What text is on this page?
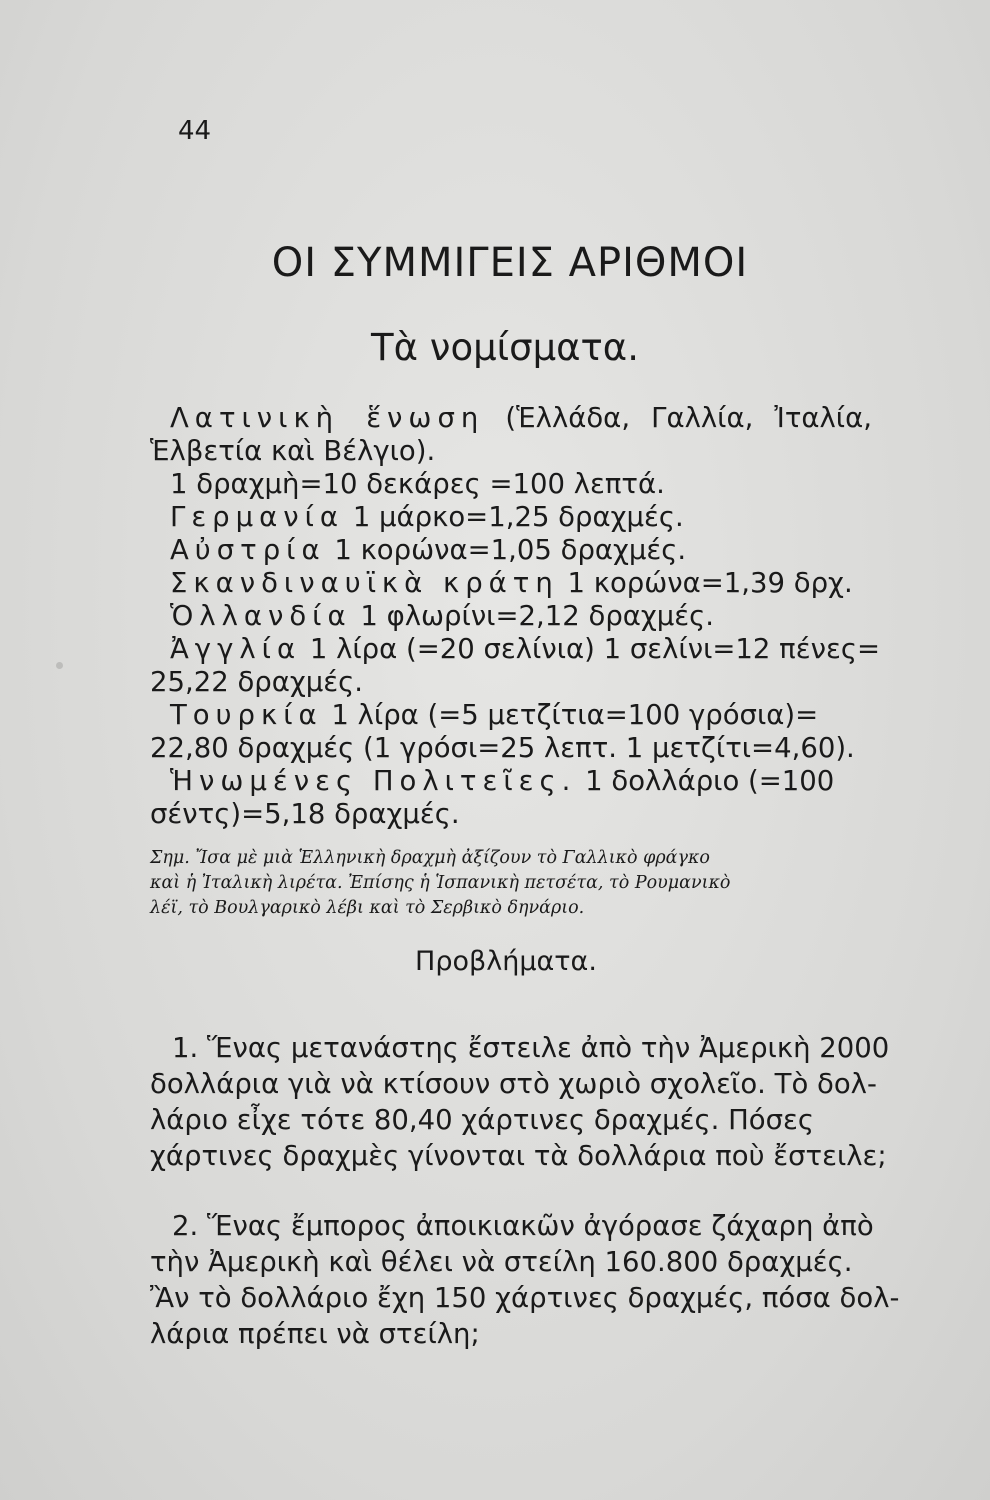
44
ΟΙ ΣΥΜΜΙΓΕΙΣ ΑΡΙΘΜΟΙ
Τὰ νομίσματα.
Λατινικὴ ἕνωση (Ἑλλάδα, Γαλλία, Ἰταλία,
Ἑλβετία καὶ Βέλγιο).
1 δραχμὴ=10 δεκάρες =100 λεπτά.
Γερμανία 1 μάρκο=1,25 δραχμές.
Αὐστρία 1 κορώνα=1,05 δραχμές.
Σκανδιναυϊκὰ κράτη 1 κορώνα=1,39 δρχ.
Ὁλλανδία 1 φλωρίνι=2,12 δραχμές.
Ἀγγλία 1 λίρα (=20 σελίνια) 1 σελίνι=12 πένες=
25,22 δραχμές.
Τουρκία 1 λίρα (=5 μετζίτια=100 γρόσια)=
22,80 δραχμές (1 γρόσι=25 λεπτ. 1 μετζίτι=4,60).
Ἡνωμένες Πολιτεῖες. 1 δολλάριο (=100
σέντς)=5,18 δραχμές.
Σημ. Ἴσα μὲ μιὰ Ἑλληνικὴ δραχμὴ ἀξίζουν τὸ Γαλλικὸ φράγκο
καὶ ἡ Ἰταλικὴ λιρέτα. Ἐπίσης ἡ Ἱσπανικὴ πετσέτα, τὸ Ρουμανικὸ
λέϊ, τὸ Βουλγαρικὸ λέβι καὶ τὸ Σερβικὸ δηνάριο.
Προβλήματα.
1. Ἕνας μετανάστης ἔστειλε ἀπὸ τὴν Ἀμερικὴ 2000
δολλάρια γιὰ νὰ κτίσουν στὸ χωριὸ σχολεῖο. Τὸ δολ-
λάριο εἶχε τότε 80,40 χάρτινες δραχμές. Πόσες
χάρτινες δραχμὲς γίνονται τὰ δολλάρια ποὺ ἔστειλε;
2. Ἕνας ἔμπορος ἀποικιακῶν ἀγόρασε ζάχαρη ἀπὸ
τὴν Ἀμερικὴ καὶ θέλει νὰ στείλη 160.800 δραχμές.
Ἂν τὸ δολλάριο ἔχη 150 χάρτινες δραχμές, πόσα δολ-
λάρια πρέπει νὰ στείλη;
